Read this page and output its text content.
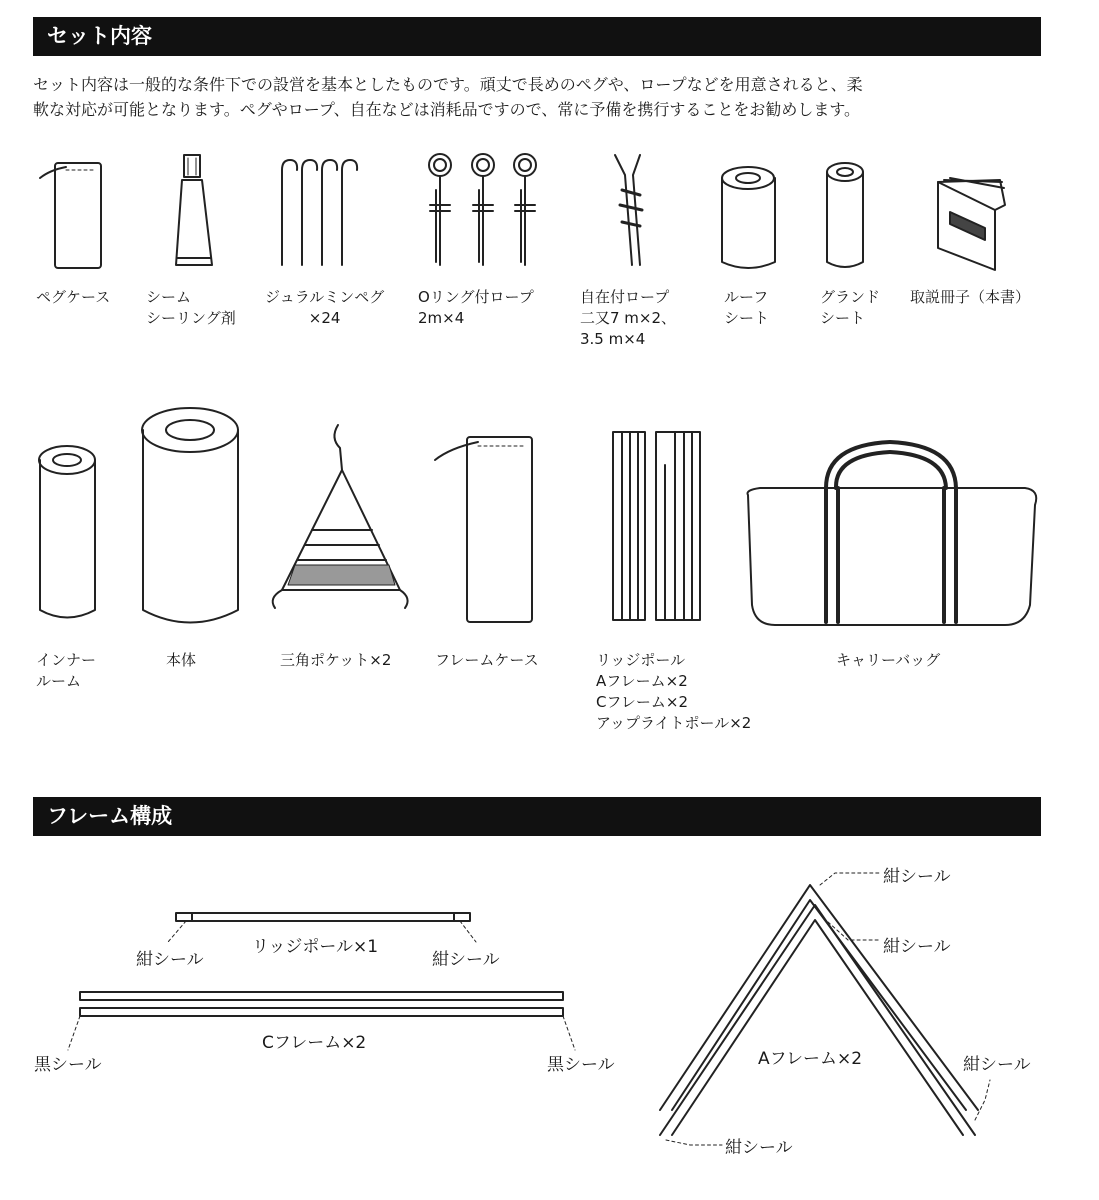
セット内容
セット内容は一般的な条件下での設営を基本としたものです。頑丈で長めのペグや、ロープなどを用意されると、柔
軟な対応が可能となります。ペグやロープ、自在などは消耗品ですので、常に予備を携行することをお勧めします。
ペグケース シーム
シーリング剤
ジュラルミンペグ
×24
Oリング付ロープ
2m×4
自在付ロープ
二又7 m×2、
3.5 m×4
ルーフ
シート
グランド
シート
取説冊子（本書）
インナー
ルーム
本体	三角ポケット×2	フレームケース	リッジポール
Aフレーム×2
Cフレーム×2
アップライトポール×2
キャリーバッグ
フレーム構成
リッジポール×1
紺シール	紺シール
Cフレーム×2
黒シール	黒シール	Aフレーム×2
紺シール
紺シール
紺シール
紺シール
